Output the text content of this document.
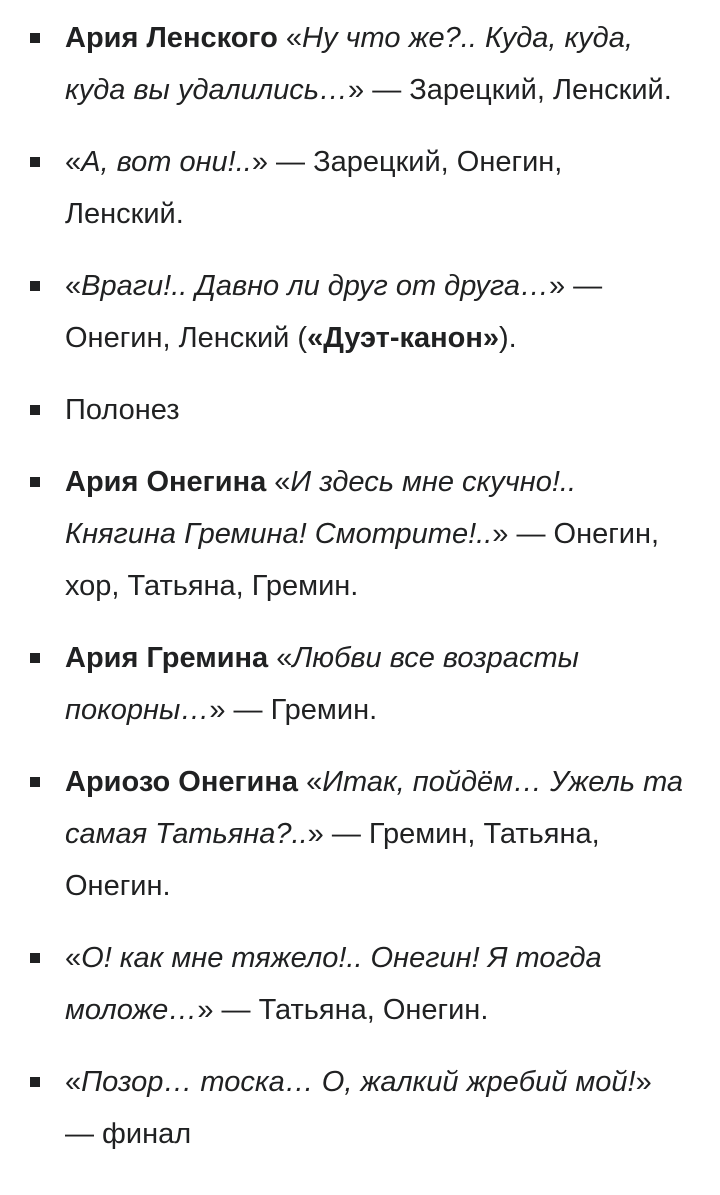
Ария Ленского «Ну что же?.. Куда, куда, куда вы удалились…» — Зарецкий, Ленский.
«А, вот они!..» — Зарецкий, Онегин, Ленский.
«Враги!.. Давно ли друг от друга…» — Онегин, Ленский («Дуэт-канон»).
Полонез
Ария Онегина «И здесь мне скучно!.. Княгина Гремина! Смотрите!..» — Онегин, хор, Татьяна, Гремин.
Ария Гремина «Любви все возрасты покорны…» — Гремин.
Ариозо Онегина «Итак, пойдём… Ужель та самая Татьяна?..» — Гремин, Татьяна, Онегин.
«О! как мне тяжело!.. Онегин! Я тогда моложе…» — Татьяна, Онегин.
«Позор… тоска… О, жалкий жребий мой!» — финал
